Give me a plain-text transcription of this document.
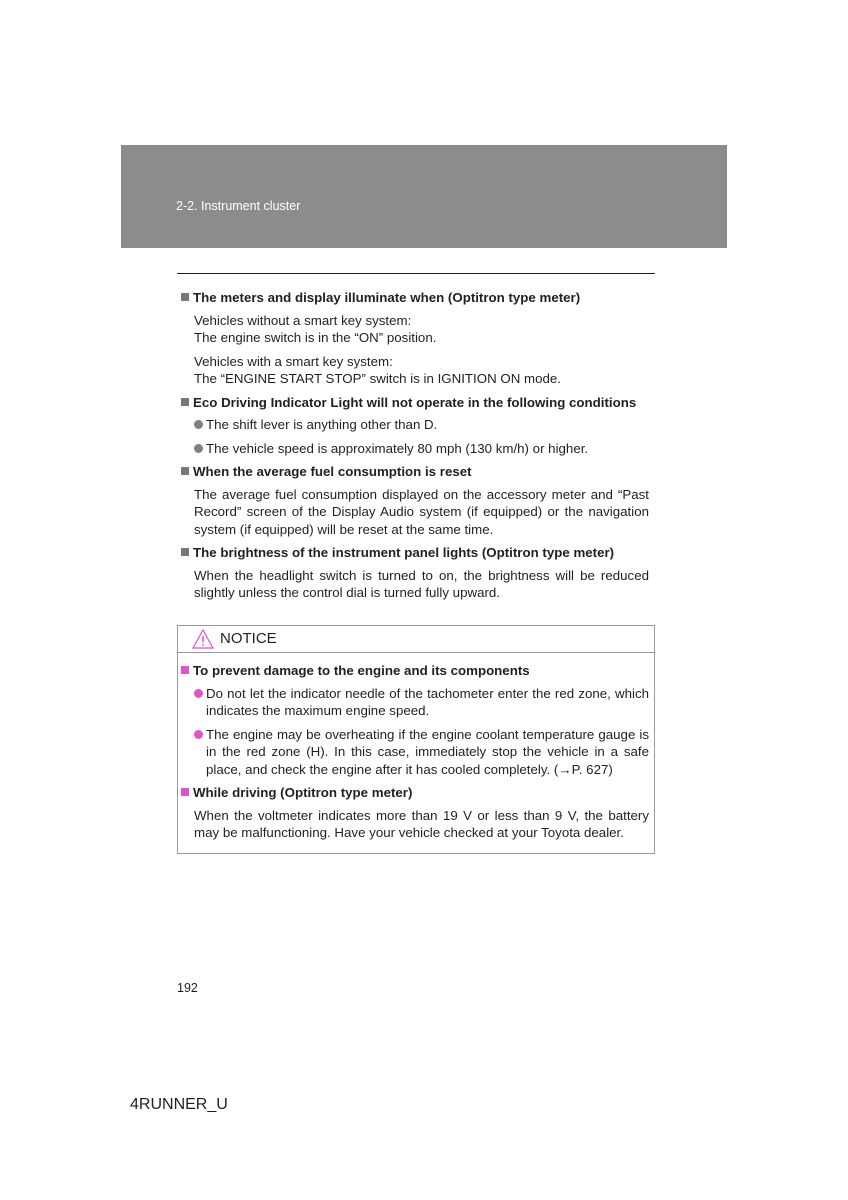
2-2. Instrument cluster
The meters and display illuminate when (Optitron type meter)
Vehicles without a smart key system:
The engine switch is in the “ON” position.
Vehicles with a smart key system:
The “ENGINE START STOP” switch is in IGNITION ON mode.
Eco Driving Indicator Light will not operate in the following conditions
The shift lever is anything other than D.
The vehicle speed is approximately 80 mph (130 km/h) or higher.
When the average fuel consumption is reset
The average fuel consumption displayed on the accessory meter and “Past Record” screen of the Display Audio system (if equipped) or the navigation system (if equipped) will be reset at the same time.
The brightness of the instrument panel lights (Optitron type meter)
When the headlight switch is turned to on, the brightness will be reduced slightly unless the control dial is turned fully upward.
NOTICE
To prevent damage to the engine and its components
Do not let the indicator needle of the tachometer enter the red zone, which indicates the maximum engine speed.
The engine may be overheating if the engine coolant temperature gauge is in the red zone (H). In this case, immediately stop the vehicle in a safe place, and check the engine after it has cooled completely. (→P. 627)
While driving (Optitron type meter)
When the voltmeter indicates more than 19 V or less than 9 V, the battery may be malfunctioning. Have your vehicle checked at your Toyota dealer.
192
4RUNNER_U
